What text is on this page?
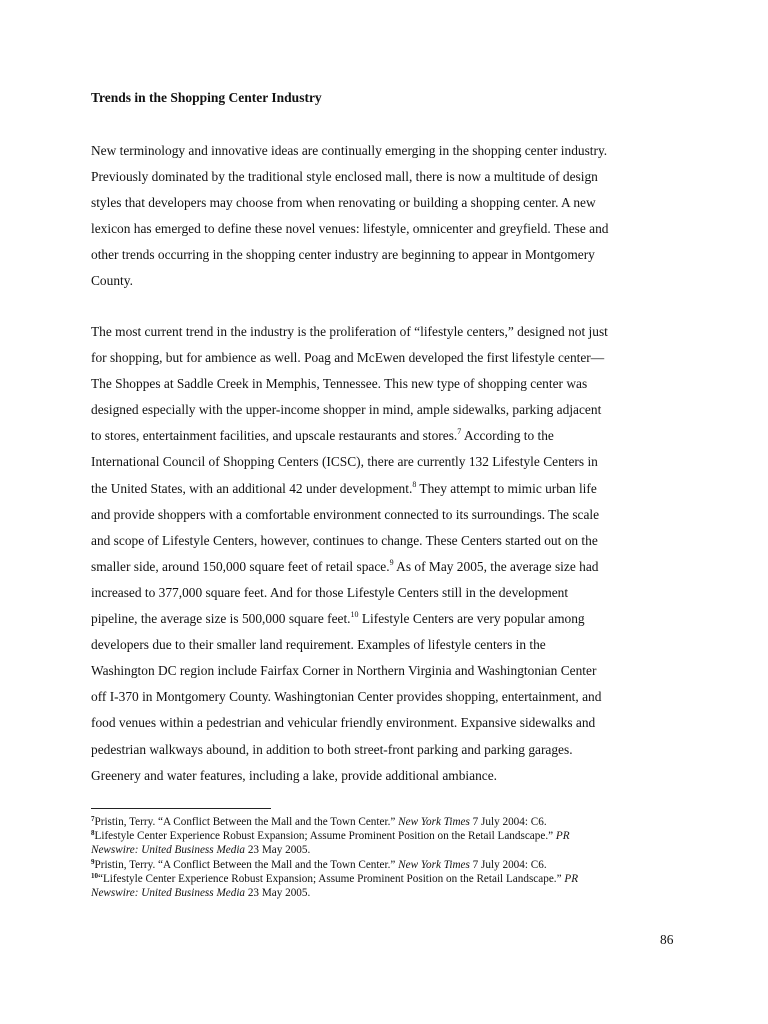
Trends in the Shopping Center Industry
New terminology and innovative ideas are continually emerging in the shopping center industry.
Previously dominated by the traditional style enclosed mall, there is now a multitude of design
styles that developers may choose from when renovating or building a shopping center. A new
lexicon has emerged to define these novel venues: lifestyle, omnicenter and greyfield. These and
other trends occurring in the shopping center industry are beginning to appear in Montgomery
County.
The most current trend in the industry is the proliferation of “lifestyle centers,” designed not just
for shopping, but for ambience as well. Poag and McEwen developed the first lifestyle center—
The Shoppes at Saddle Creek in Memphis, Tennessee. This new type of shopping center was
designed especially with the upper-income shopper in mind, ample sidewalks, parking adjacent
to stores, entertainment facilities, and upscale restaurants and stores.$^7$ According to the
International Council of Shopping Centers (ICSC), there are currently 132 Lifestyle Centers in
the United States, with an additional 42 under development.$^8$ They attempt to mimic urban life
and provide shoppers with a comfortable environment connected to its surroundings. The scale
and scope of Lifestyle Centers, however, continues to change. These Centers started out on the
smaller side, around 150,000 square feet of retail space.$^9$ As of May 2005, the average size had
increased to 377,000 square feet. And for those Lifestyle Centers still in the development
pipeline, the average size is 500,000 square feet.$^{10}$ Lifestyle Centers are very popular among
developers due to their smaller land requirement. Examples of lifestyle centers in the
Washington DC region include Fairfax Corner in Northern Virginia and Washingtonian Center
off I-370 in Montgomery County. Washingtonian Center provides shopping, entertainment, and
food venues within a pedestrian and vehicular friendly environment. Expansive sidewalks and
pedestrian walkways abound, in addition to both street-front parking and parking garages.
Greenery and water features, including a lake, provide additional ambiance.
$^7$Pristin, Terry. “A Conflict Between the Mall and the Town Center.” New York Times 7 July 2004: C6.
$^8$Lifestyle Center Experience Robust Expansion; Assume Prominent Position on the Retail Landscape.” PR
Newswire: United Business Media 23 May 2005.
$^9$Pristin, Terry. “A Conflict Between the Mall and the Town Center.” New York Times 7 July 2004: C6.
$^{10}$“Lifestyle Center Experience Robust Expansion; Assume Prominent Position on the Retail Landscape.” PR
Newswire: United Business Media 23 May 2005.
86
